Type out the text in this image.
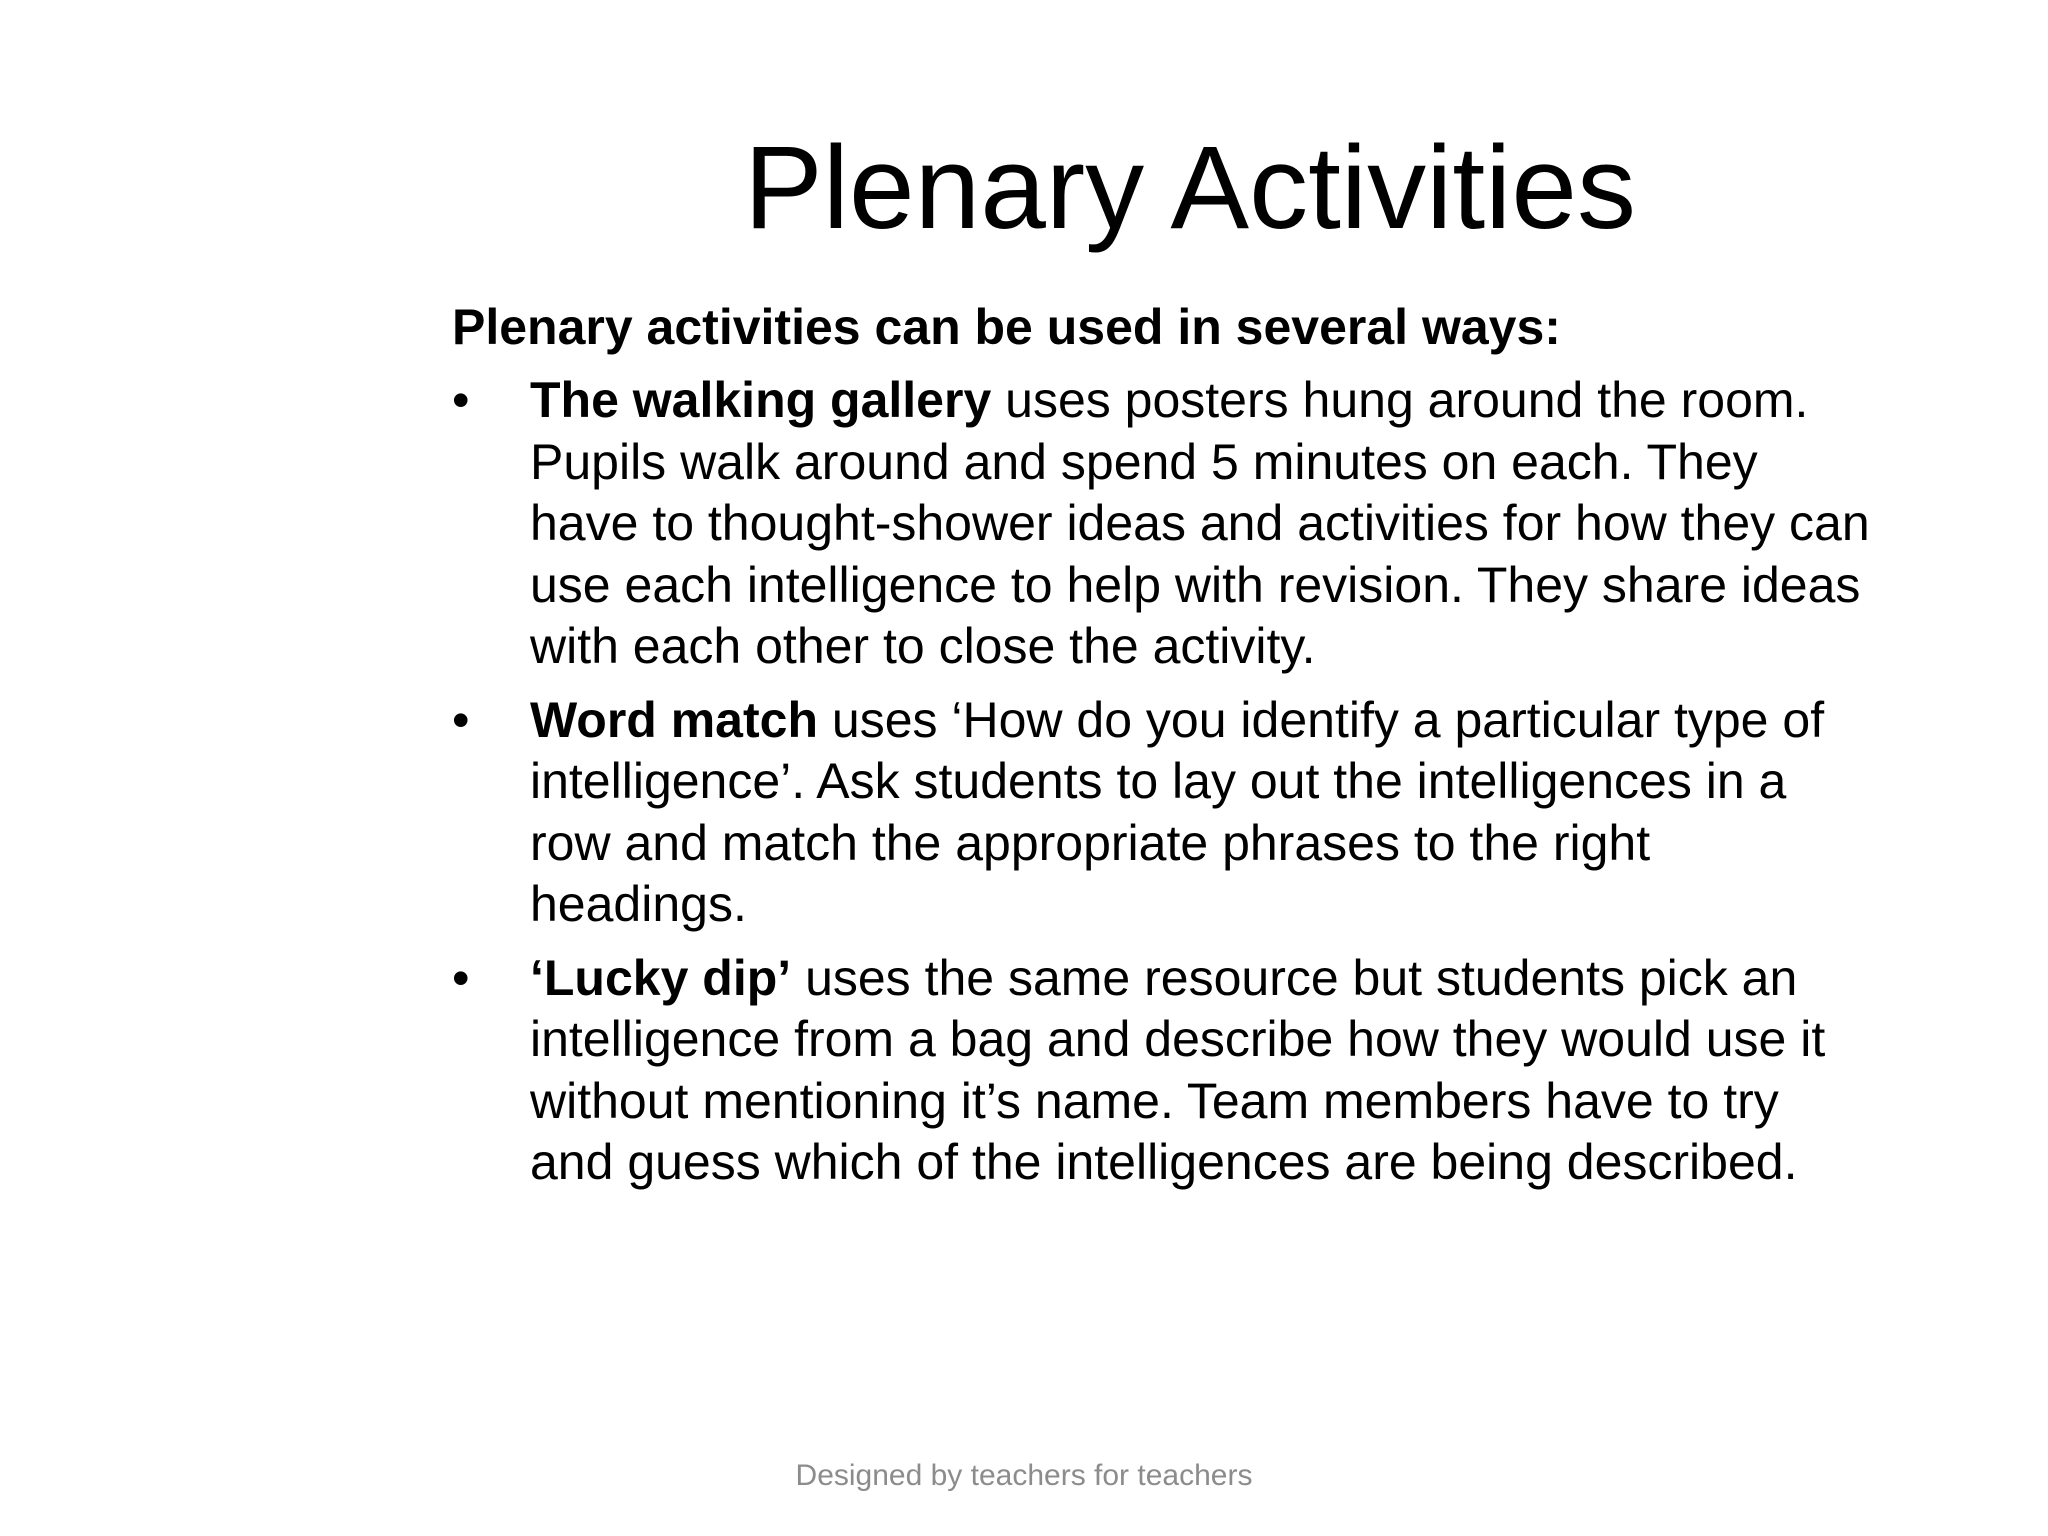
Plenary Activities

Plenary activities can be used in several ways:

•	The walking gallery uses posters hung around the room. Pupils walk around and spend 5 minutes on each. They have to thought-shower ideas and activities for how they can use each intelligence to help with revision. They share ideas with each other to close the activity.
•	Word match uses ‘How do you identify a particular type of intelligence’. Ask students to lay out the intelligences in a row and match the appropriate phrases to the right headings.
•	‘Lucky dip’ uses the same resource but students pick an intelligence from a bag and describe how they would use it without mentioning it’s name. Team members have to try and guess which of the intelligences are being described.

Designed by teachers for teachers
